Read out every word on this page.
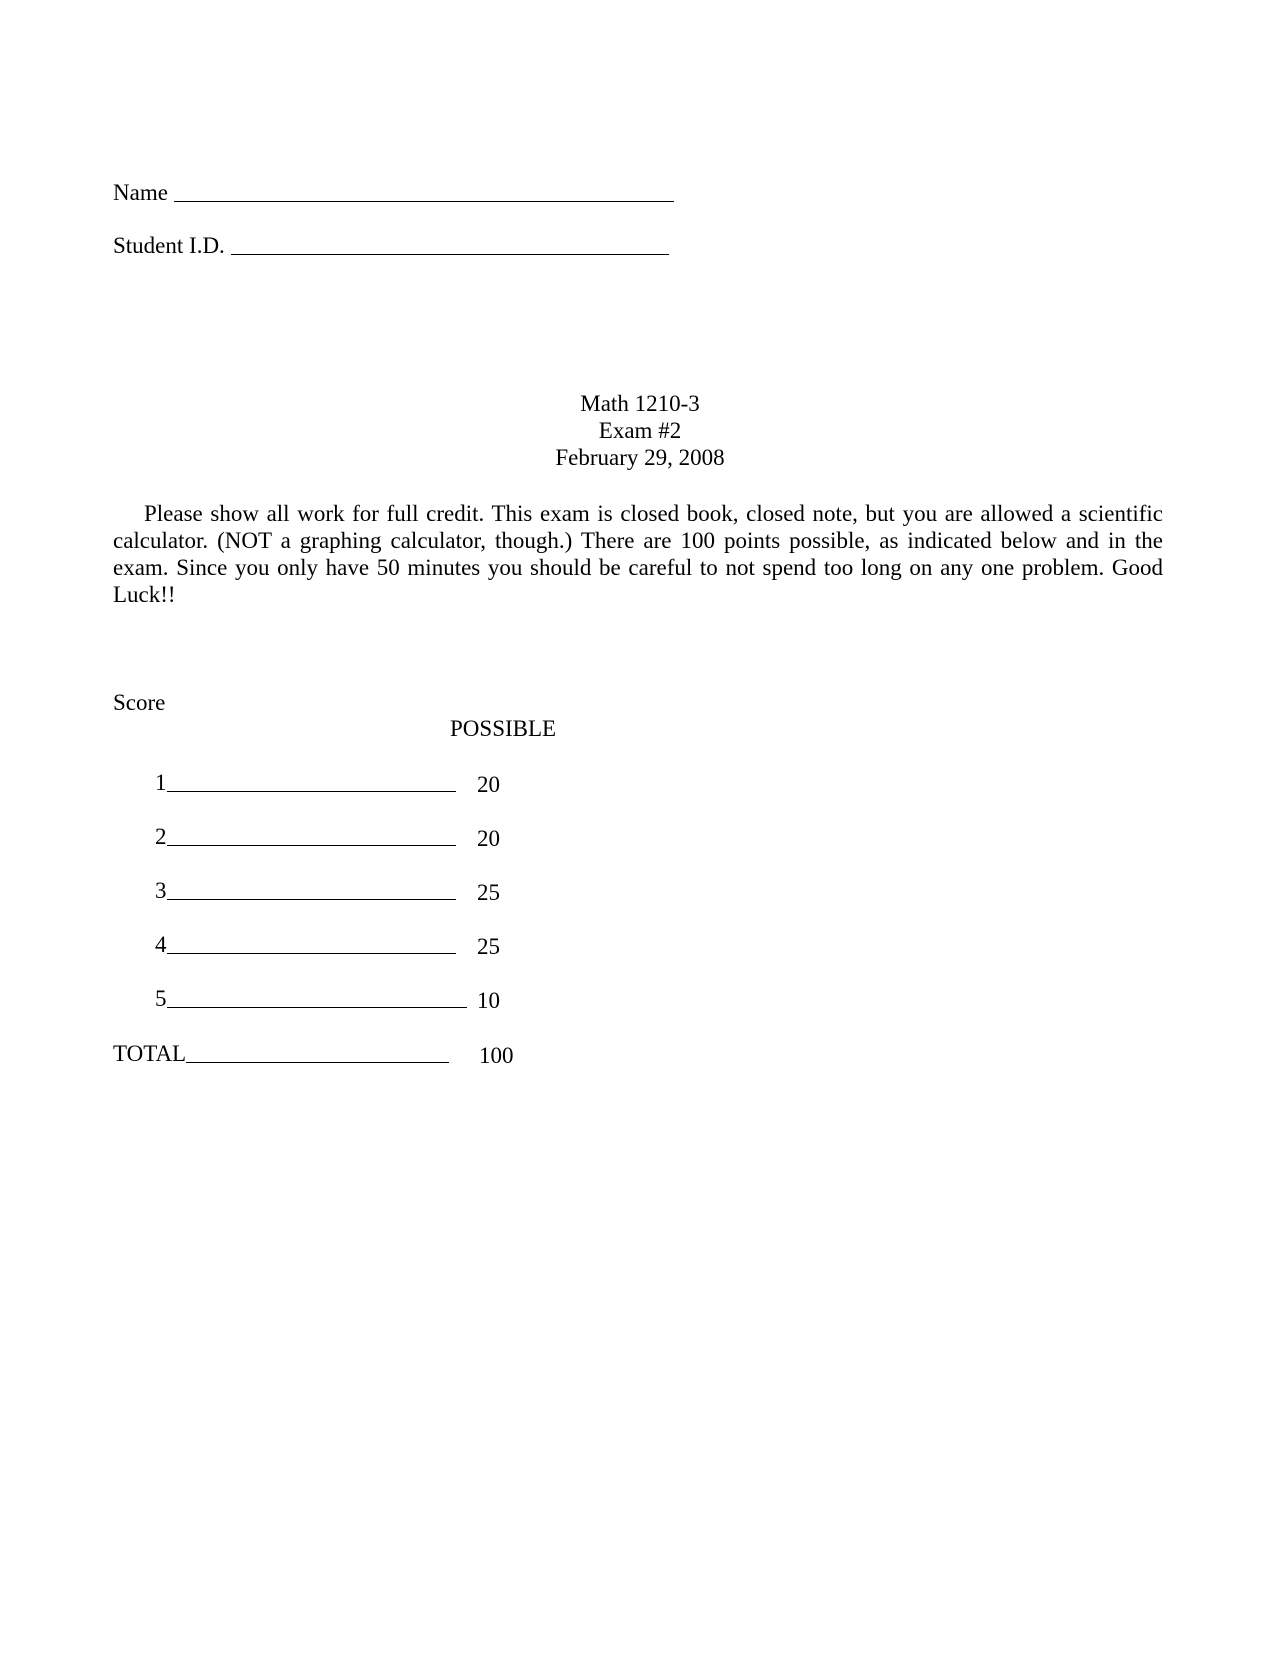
Name

Student I.D.

Math 1210-3
Exam #2
February 29, 2008
Please show all work for full credit. This exam is closed book, closed note, but you are allowed a scientific calculator. (NOT a graphing calculator, though.) There are 100 points possible, as indicated below and in the exam. Since you only have 50 minutes you should be careful to not spend too long on any one problem. Good Luck!!
Score
POSSIBLE
1	20
2	20
3	25
4	25
5	10
TOTAL	100
